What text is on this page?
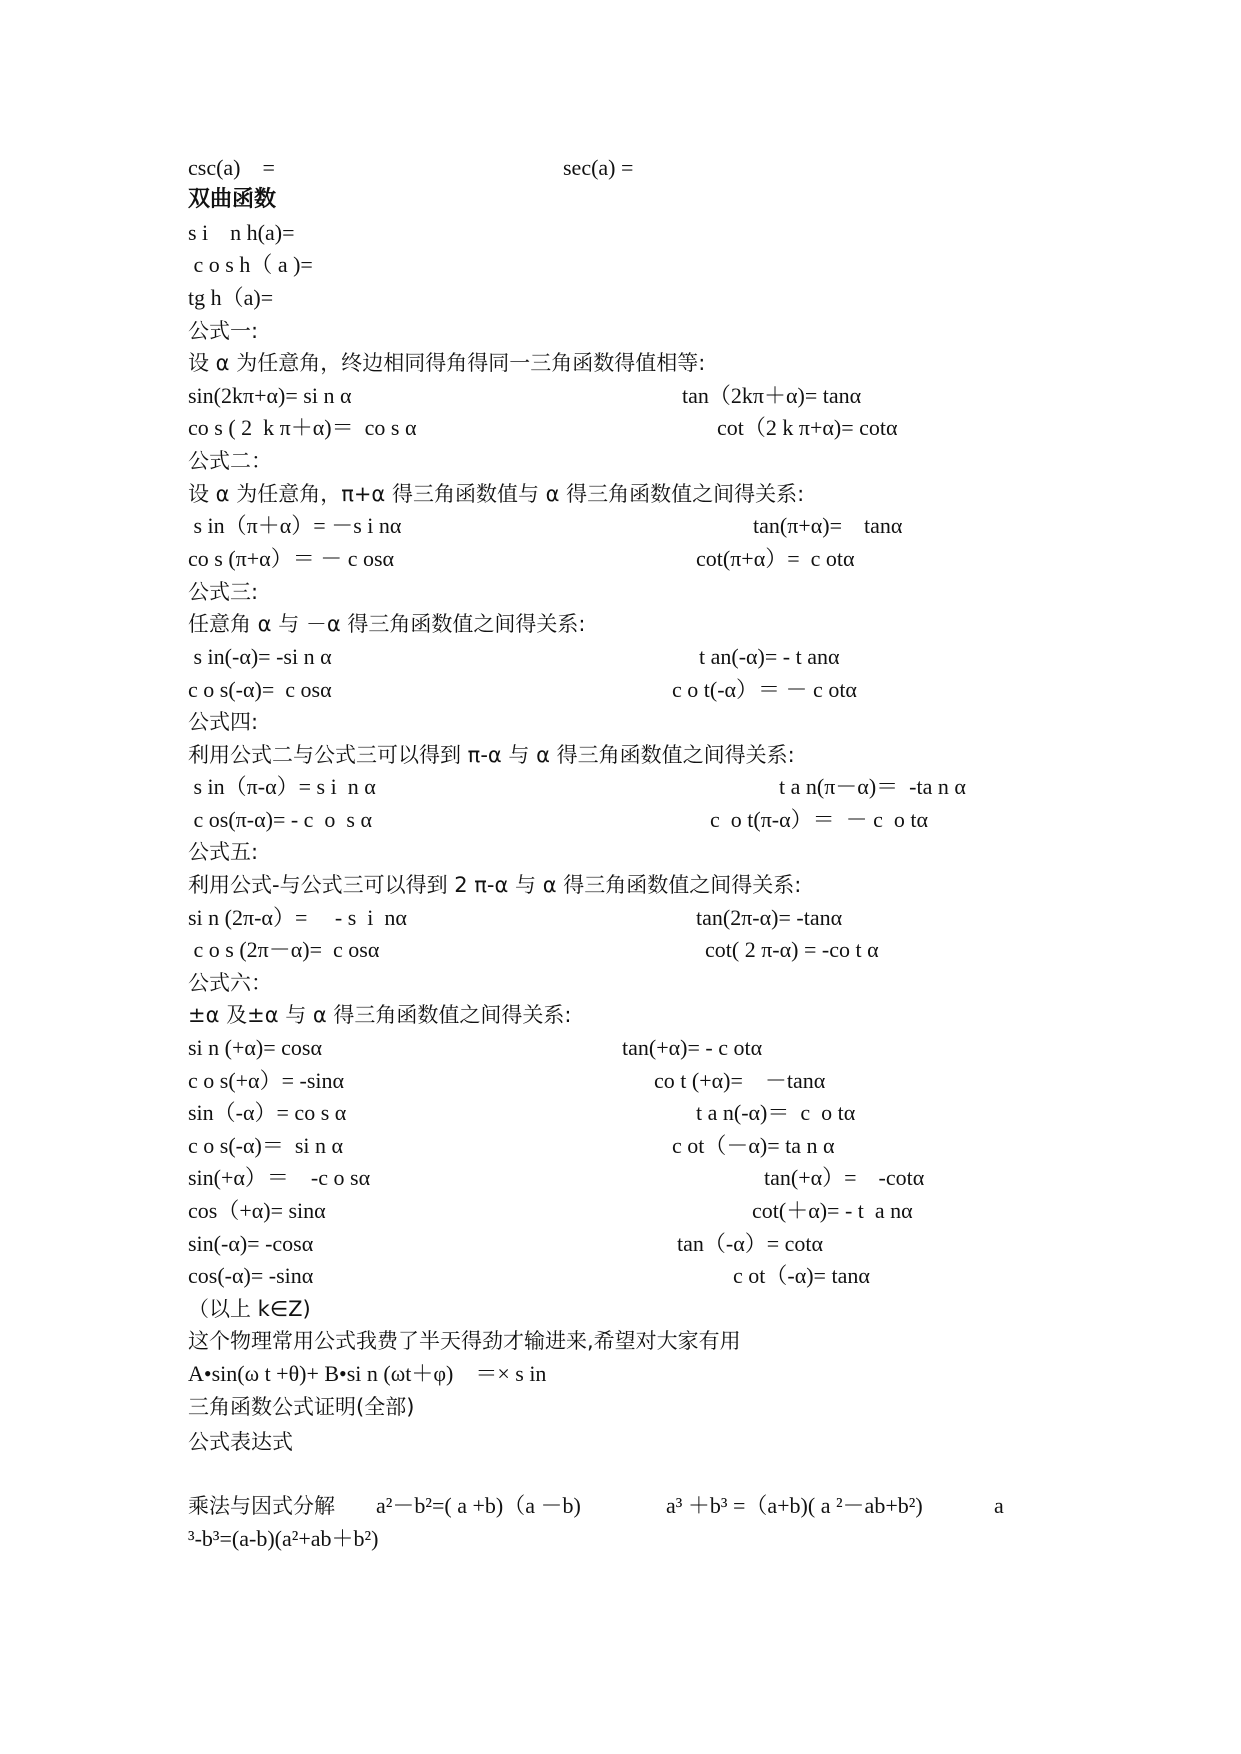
csc(a)　=	sec(a) =
双曲函数
s i　n h(a)=
c o s h（ a )=
tg h（a)=
公式一:
设 α 为任意角，终边相同得角得同一三角函数得值相等:
sin(2kπ+α)= si n α	tan（2kπ＋α)= tanα
co s ( 2  k π＋α)＝  co s α	cot（2 k π+α)= cotα
公式二：
设 α 为任意角，π+α 得三角函数值与 α 得三角函数值之间得关系:
s in（π＋α）= －s i nα	tan(π+α)=　tanα
co s (π+α）＝ － c osα	cot(π+α）=  c otα
公式三:
任意角 α 与 －α 得三角函数值之间得关系:
s in(-α)= -si n α	t an(-α)= - t anα
c o s(-α)=  c osα	c o t(-α）＝ － c otα
公式四:
利用公式二与公式三可以得到 π-α 与 α 得三角函数值之间得关系:
s in（π-α）= s i  n α	t a n(π－α)＝  -ta n α
c os(π-α)= - c  o  s α	c  o t(π-α）＝  － c  o tα
公式五:
利用公式-与公式三可以得到 2 π-α 与 α 得三角函数值之间得关系:
si n (2π-α）=　 - s  i  nα	tan(2π-α)= -tanα
c o s (2π－α)=  c osα	cot( 2 π-α) = -co t α
公式六：
±α 及±α 与 α 得三角函数值之间得关系:
si n (+α)= cosα	tan(+α)= - c otα
c o s(+α）= -sinα	co t (+α)=　－tanα
sin（-α）= co s α	t a n(-α)＝  c  o tα
c o s(-α)＝  si n α	c ot（－α)= ta n α
sin(+α）＝　-c o sα	tan(+α）=　-cotα
cos（+α)= sinα	cot(＋α)= - t  a nα
sin(-α)= -cosα	tan（-α）= cotα
cos(-α)= -sinα	c ot（-α)= tanα
（以上 k∈Z)
这个物理常用公式我费了半天得劲才输进来,希望对大家有用
A•sin(ω t +θ)+ B•si n (ωt＋φ)　＝× s in
三角函数公式证明(全部)
公式表达式
乘法与因式分解 a²－b²=( a +b)（a －b)	a³ ＋b³ =（a+b)( a ²－ab+b²)	a
³-b³=(a-b)(a²+ab＋b²)
